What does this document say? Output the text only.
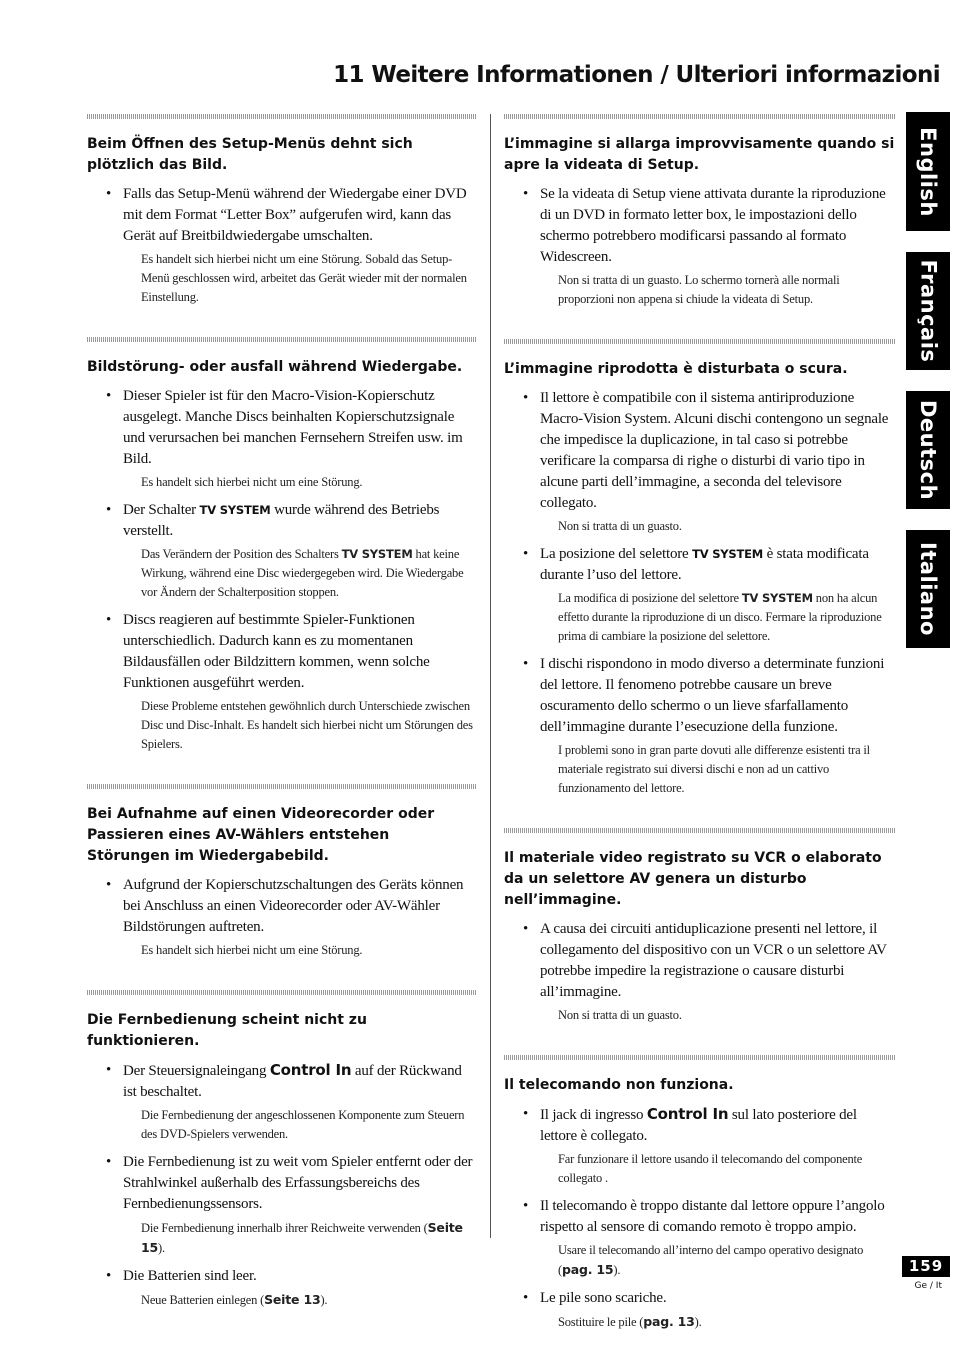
11 Weitere Informationen / Ulteriori informazioni
English
Français
Deutsch
Italiano
Beim Öffnen des Setup-Menüs dehnt sich plötzlich das Bild.
• Falls das Setup-Menü während der Wiedergabe einer DVD mit dem Format “Letter Box” aufgerufen wird, kann das Gerät auf Breitbildwiedergabe umschalten.

Es handelt sich hierbei nicht um eine Störung. Sobald das Setup-Menü geschlossen wird, arbeitet das Gerät wieder mit der normalen Einstellung.

Bildstörung- oder ausfall während Wiedergabe.
• Dieser Spieler ist für den Macro-Vision-Kopierschutz ausgelegt. Manche Discs beinhalten Kopierschutzsignale und verursachen bei manchen Fernsehern Streifen usw. im Bild.

Es handelt sich hierbei nicht um eine Störung.

• Der Schalter TV SYSTEM wurde während des Betriebs verstellt.

Das Verändern der Position des Schalters TV SYSTEM hat keine Wirkung, während eine Disc wiedergegeben wird. Die Wiedergabe vor Ändern der Schalterposition stoppen.

• Discs reagieren auf bestimmte Spieler-Funktionen unterschiedlich. Dadurch kann es zu momentanen Bildausfällen oder Bildzittern kommen, wenn solche Funktionen ausgeführt werden.

Diese Probleme entstehen gewöhnlich durch Unterschiede zwischen Disc und Disc-Inhalt. Es handelt sich hierbei nicht um Störungen des Spielers.

Bei Aufnahme auf einen Videorecorder oder Passieren eines AV-Wählers entstehen Störungen im Wiedergabebild.
• Aufgrund der Kopierschutzschaltungen des Geräts können bei Anschluss an einen Videorecorder oder AV-Wähler Bildstörungen auftreten.

Es handelt sich hierbei nicht um eine Störung.

Die Fernbedienung scheint nicht zu funktionieren.
• Der Steuersignaleingang Control In auf der Rückwand ist beschaltet.

Die Fernbedienung der angeschlossenen Komponente zum Steuern des DVD-Spielers verwenden.

• Die Fernbedienung ist zu weit vom Spieler entfernt oder der Strahlwinkel außerhalb des Erfassungsbereichs des Fernbedienungssensors.

Die Fernbedienung innerhalb ihrer Reichweite verwenden (Seite 15).

• Die Batterien sind leer.

Neue Batterien einlegen (Seite 13).

L’immagine si allarga improvvisamente quando si apre la videata di Setup.
• Se la videata di Setup viene attivata durante la riproduzione di un DVD in formato letter box, le impostazioni dello schermo potrebbero modificarsi passando al formato Widescreen.

Non si tratta di un guasto. Lo schermo tornerà alle normali proporzioni non appena si chiude la videata di Setup.

L’immagine riprodotta è disturbata o scura.
• Il lettore è compatibile con il sistema antiriproduzione Macro-Vision System. Alcuni dischi contengono un segnale che impedisce la duplicazione, in tal caso si potrebbe verificare la comparsa di righe o disturbi di vario tipo in alcune parti dell’immagine, a seconda del televisore collegato.

Non si tratta di un guasto.

• La posizione del selettore TV SYSTEM è stata modificata durante l’uso del lettore.

La modifica di posizione del selettore TV SYSTEM non ha alcun effetto durante la riproduzione di un disco. Fermare la riproduzione prima di cambiare la posizione del selettore.

• I dischi rispondono in modo diverso a determinate funzioni del lettore. Il fenomeno potrebbe causare un breve oscuramento dello schermo o un lieve sfarfallamento dell’immagine durante l’esecuzione della funzione.

I problemi sono in gran parte dovuti alle differenze esistenti tra il materiale registrato sui diversi dischi e non ad un cattivo funzionamento del lettore.

Il materiale video registrato su VCR o elaborato da un selettore AV genera un disturbo nell’immagine.
• A causa dei circuiti antiduplicazione presenti nel lettore, il collegamento del dispositivo con un VCR o un selettore AV potrebbe impedire la registrazione o causare disturbi all’immagine.

Non si tratta di un guasto.

Il telecomando non funziona.
• Il jack di ingresso Control In sul lato posteriore del lettore è collegato.

Far funzionare il lettore usando il telecomando del componente collegato .

• Il telecomando è troppo distante dal lettore oppure l’angolo rispetto al sensore di comando remoto è troppo ampio.

Usare il telecomando all’interno del campo operativo designato (pag. 15).

• Le pile sono scariche.

Sostituire le pile (pag. 13).

159
Ge / It
